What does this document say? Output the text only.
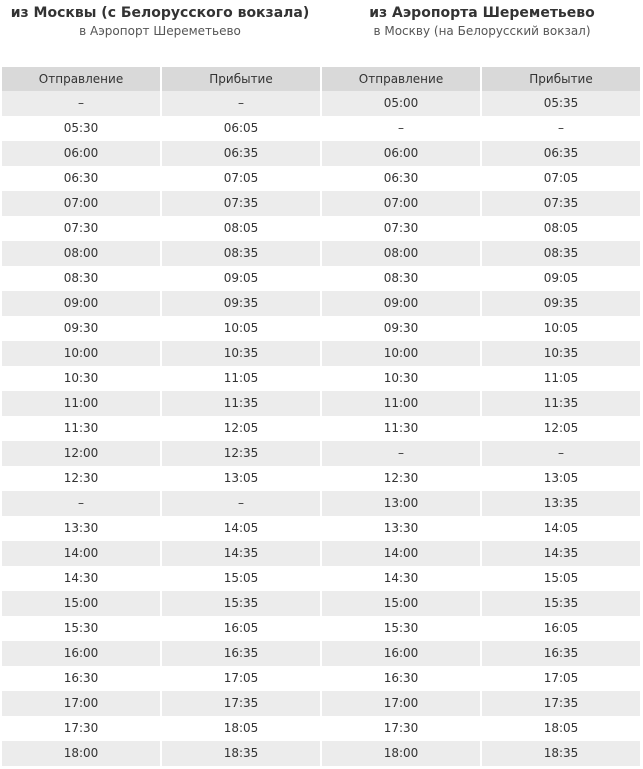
из Москвы (с Белорусского вокзала)
в Аэропорт Шереметьево
из Аэропорта Шереметьево
в Москву (на Белорусский вокзал)
Отправление	Прибытие	Отправление	Прибытие
–	–	05:00	05:35
05:30	06:05	–	–
06:00	06:35	06:00	06:35
06:30	07:05	06:30	07:05
07:00	07:35	07:00	07:35
07:30	08:05	07:30	08:05
08:00	08:35	08:00	08:35
08:30	09:05	08:30	09:05
09:00	09:35	09:00	09:35
09:30	10:05	09:30	10:05
10:00	10:35	10:00	10:35
10:30	11:05	10:30	11:05
11:00	11:35	11:00	11:35
11:30	12:05	11:30	12:05
12:00	12:35	–	–
12:30	13:05	12:30	13:05
–	–	13:00	13:35
13:30	14:05	13:30	14:05
14:00	14:35	14:00	14:35
14:30	15:05	14:30	15:05
15:00	15:35	15:00	15:35
15:30	16:05	15:30	16:05
16:00	16:35	16:00	16:35
16:30	17:05	16:30	17:05
17:00	17:35	17:00	17:35
17:30	18:05	17:30	18:05
18:00	18:35	18:00	18:35
